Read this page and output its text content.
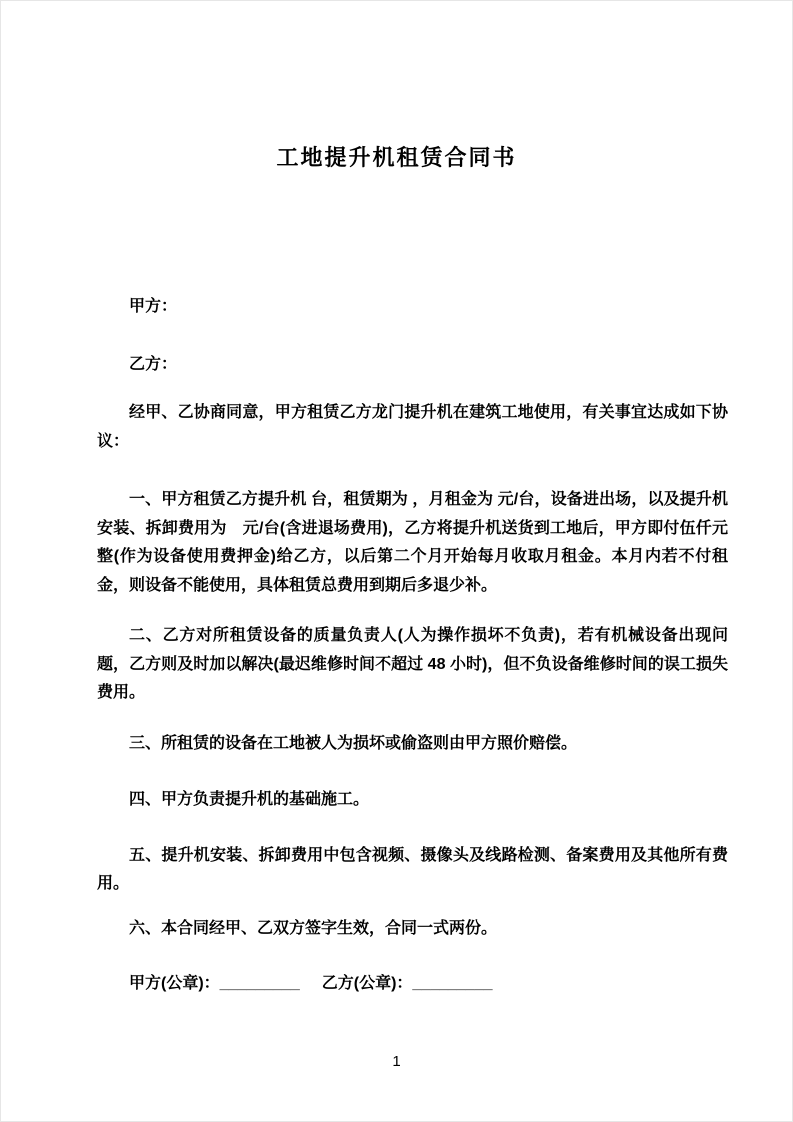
工地提升机租赁合同书

甲方：

乙方：

经甲、乙协商同意，甲方租赁乙方龙门提升机在建筑工地使用，有关事宜达成如下协议：

一、甲方租赁乙方提升机 台，租赁期为 ，月租金为 元/台，设备进出场，以及提升机安装、拆卸费用为　元/台(含进退场费用)，乙方将提升机送货到工地后，甲方即付伍仟元整(作为设备使用费押金)给乙方，以后第二个月开始每月收取月租金。本月内若不付租金，则设备不能使用，具体租赁总费用到期后多退少补。

二、乙方对所租赁设备的质量负责人(人为操作损坏不负责)，若有机械设备出现问题，乙方则及时加以解决(最迟维修时间不超过 48 小时)，但不负设备维修时间的误工损失费用。

三、所租赁的设备在工地被人为损坏或偷盗则由甲方照价赔偿。

四、甲方负责提升机的基础施工。

五、提升机安装、拆卸费用中包含视频、摄像头及线路检测、备案费用及其他所有费用。

六、本合同经甲、乙双方签字生效，合同一式两份。

甲方(公章)：_________ 乙方(公章)：_________
1
